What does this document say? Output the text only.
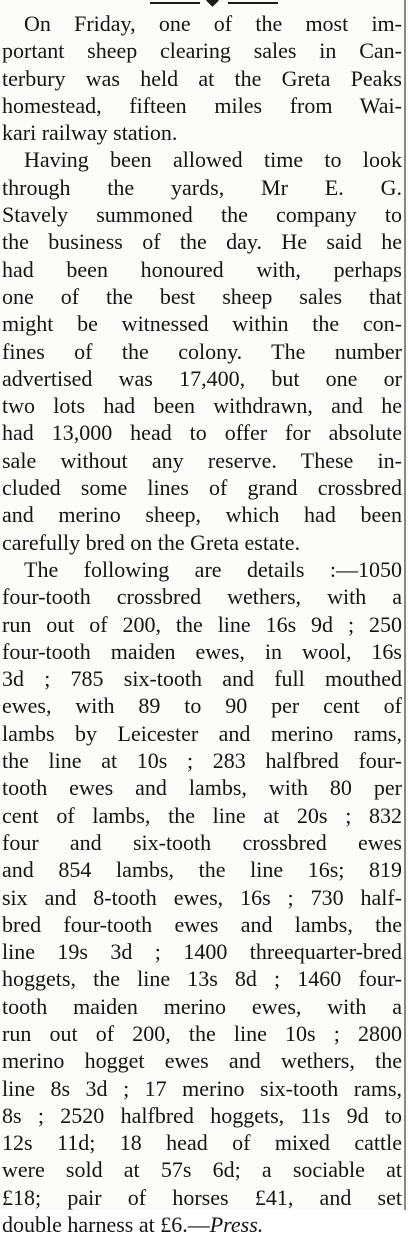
On Friday, one of the most im-
portant sheep clearing sales in Can-
terbury was held at the Greta Peaks
homestead, fifteen miles from Wai-
kari railway station.
Having been allowed time to look
through the yards, Mr E. G.
Stavely summoned the company to
the business of the day. He said he
had been honoured with, perhaps
one of the best sheep sales that
might be witnessed within the con-
fines of the colony. The number
advertised was 17,400, but one or
two lots had been withdrawn, and he
had 13,000 head to offer for absolute
sale without any reserve. These in-
cluded some lines of grand crossbred
and merino sheep, which had been
carefully bred on the Greta estate.
The following are details :—1050
four-tooth crossbred wethers, with a
run out of 200, the line 16s 9d ; 250
four-tooth maiden ewes, in wool, 16s
3d ; 785 six-tooth and full mouthed
ewes, with 89 to 90 per cent of
lambs by Leicester and merino rams,
the line at 10s ; 283 halfbred four-
tooth ewes and lambs, with 80 per
cent of lambs, the line at 20s ; 832
four and six-tooth crossbred ewes
and 854 lambs, the line 16s; 819
six and 8-tooth ewes, 16s ; 730 half-
bred four-tooth ewes and lambs, the
line 19s 3d ; 1400 threequarter-bred
hoggets, the line 13s 8d ; 1460 four-
tooth maiden merino ewes, with a
run out of 200, the line 10s ; 2800
merino hogget ewes and wethers, the
line 8s 3d ; 17 merino six-tooth rams,
8s ; 2520 halfbred hoggets, 11s 9d to
12s 11d; 18 head of mixed cattle
were sold at 57s 6d; a sociable at
£18; pair of horses £41, and set
double harness at £6.—Press.
